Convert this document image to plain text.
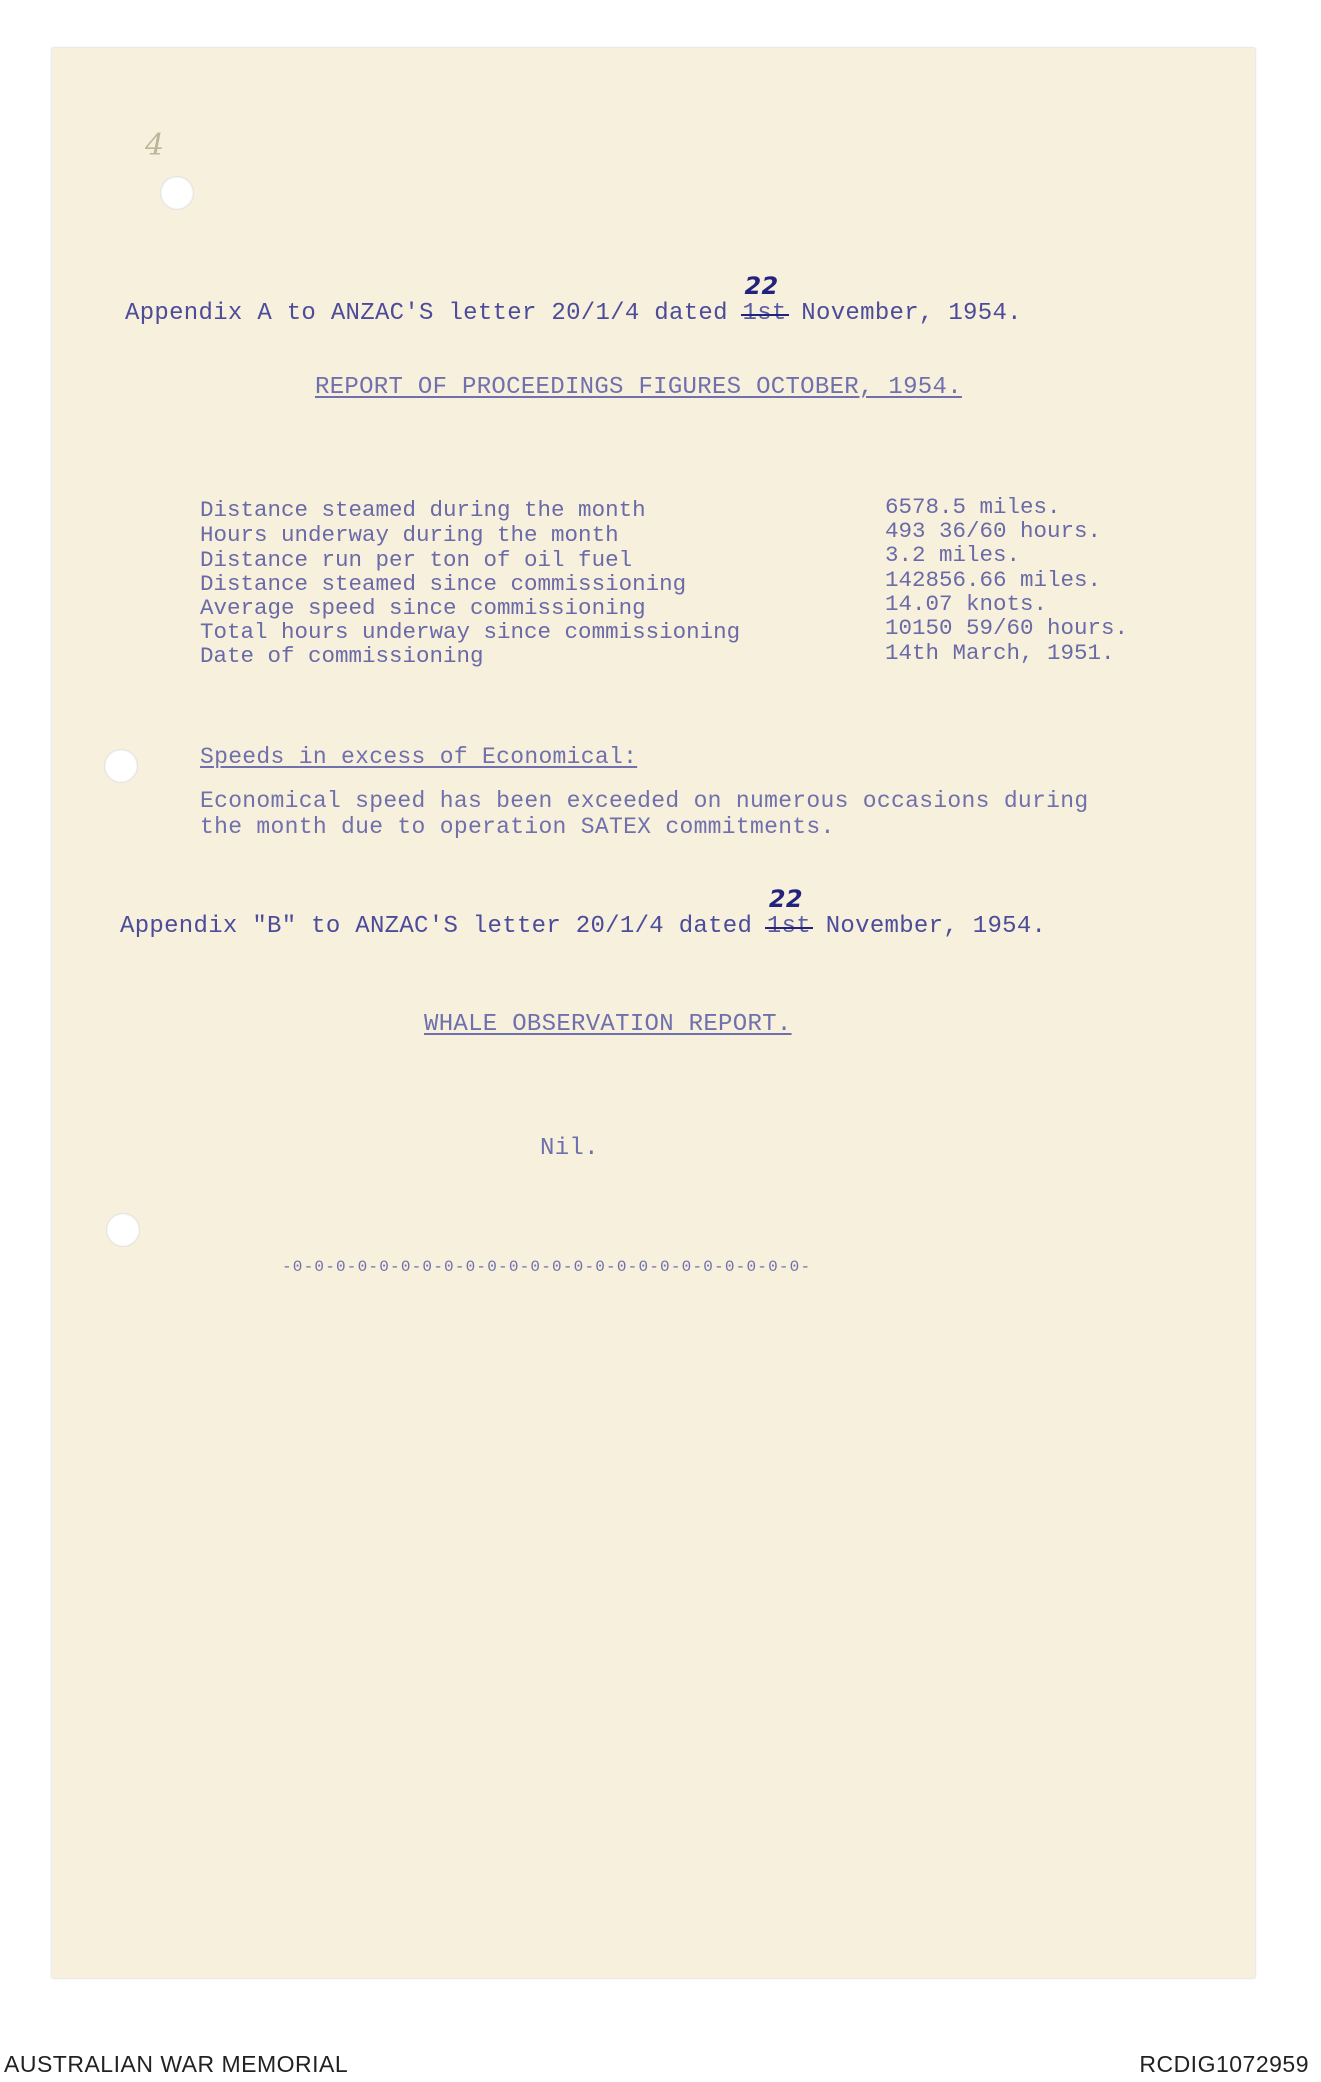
4
Appendix A to ANZAC'S letter 20/1/4 dated 1st
22
November, 1954.
REPORT OF PROCEEDINGS FIGURES OCTOBER, 1954.
Distance steamed during the month	6578.5 miles.
Hours underway during the month	493 36/60 hours.
Distance run per ton of oil fuel	3.2 miles.
Distance steamed since commissioning	142856.66 miles.
Average speed since commissioning	14.07 knots.
Total hours underway since commissioning	10150 59/60 hours.
Date of commissioning	14th March, 1951.
Speeds in excess of Economical:
Economical speed has been exceeded on numerous occasions during
the month due to operation SATEX commitments.
Appendix "B" to ANZAC'S letter 20/1/4 dated 1st
22
November, 1954.
WHALE OBSERVATION REPORT.
Nil.
-0-0-0-0-0-0-0-0-0-0-0-0-0-0-0-0-0-0-0-0-0-0-0-0-
AUSTRALIAN WAR MEMORIAL	RCDIG1072959
